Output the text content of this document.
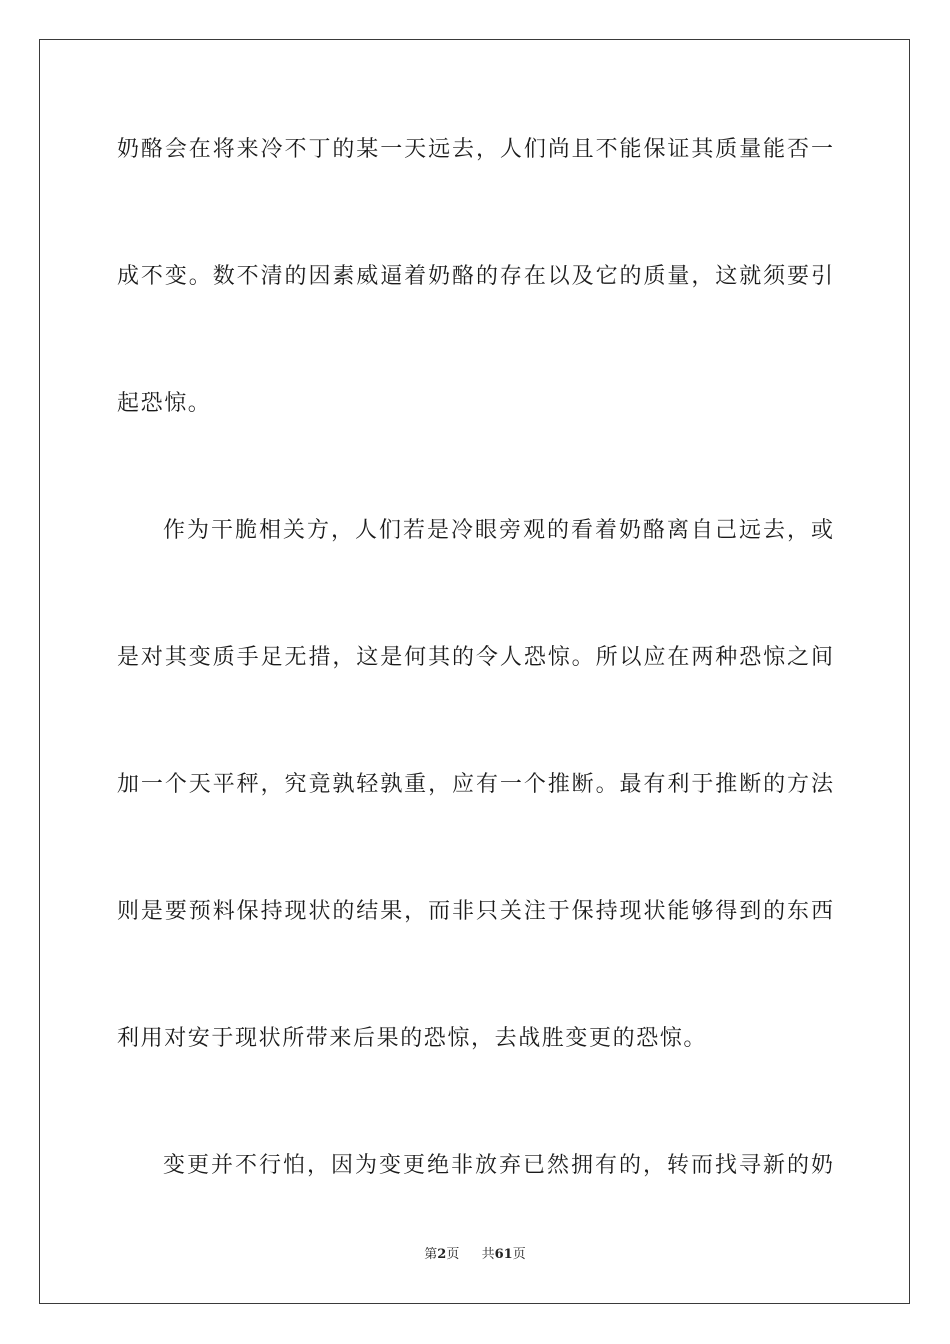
奶酪会在将来冷不丁的某一天远去，人们尚且不能保证其质量能否一
成不变。数不清的因素威逼着奶酪的存在以及它的质量，这就须要引
起恐惊。
作为干脆相关方，人们若是冷眼旁观的看着奶酪离自己远去，或
是对其变质手足无措，这是何其的令人恐惊。所以应在两种恐惊之间
加一个天平秤，究竟孰轻孰重，应有一个推断。最有利于推断的方法
则是要预料保持现状的结果，而非只关注于保持现状能够得到的东西
利用对安于现状所带来后果的恐惊，去战胜变更的恐惊。
变更并不行怕，因为变更绝非放弃已然拥有的，转而找寻新的奶
第2页 共61页
